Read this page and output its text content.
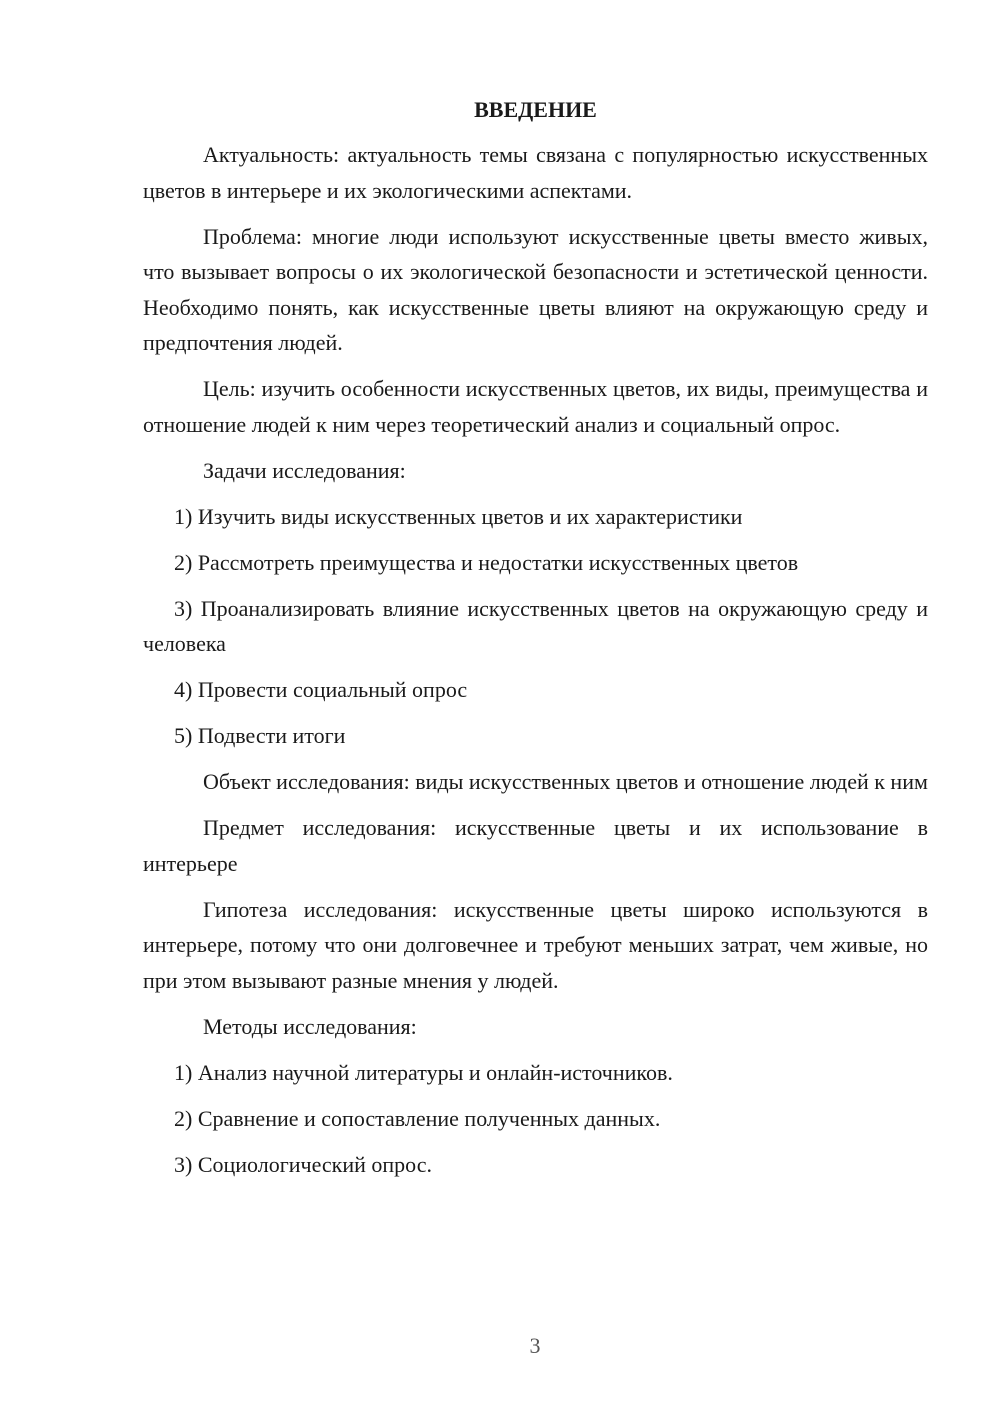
ВВЕДЕНИЕ

Актуальность: актуальность темы связана с популярностью искусственных цветов в интерьере и их экологическими аспектами.

Проблема: многие люди используют искусственные цветы вместо живых, что вызывает вопросы о их экологической безопасности и эстетической ценности. Необходимо понять, как искусственные цветы влияют на окружающую среду и предпочтения людей.

Цель: изучить особенности искусственных цветов, их виды, преимущества и отношение людей к ним через теоретический анализ и социальный опрос.

Задачи исследования:

1) Изучить виды искусственных цветов и их характеристики

2) Рассмотреть преимущества и недостатки искусственных цветов

3) Проанализировать влияние искусственных цветов на окружающую среду и человека

4) Провести социальный опрос

5) Подвести итоги

Объект исследования: виды искусственных цветов и отношение людей к ним

Предмет исследования: искусственные цветы и их использование в интерьере

Гипотеза исследования: искусственные цветы широко используются в интерьере, потому что они долговечнее и требуют меньших затрат, чем живые, но при этом вызывают разные мнения у людей.

Методы исследования:

1) Анализ научной литературы и онлайн-источников.

2) Сравнение и сопоставление полученных данных.

3) Социологический опрос.

3
